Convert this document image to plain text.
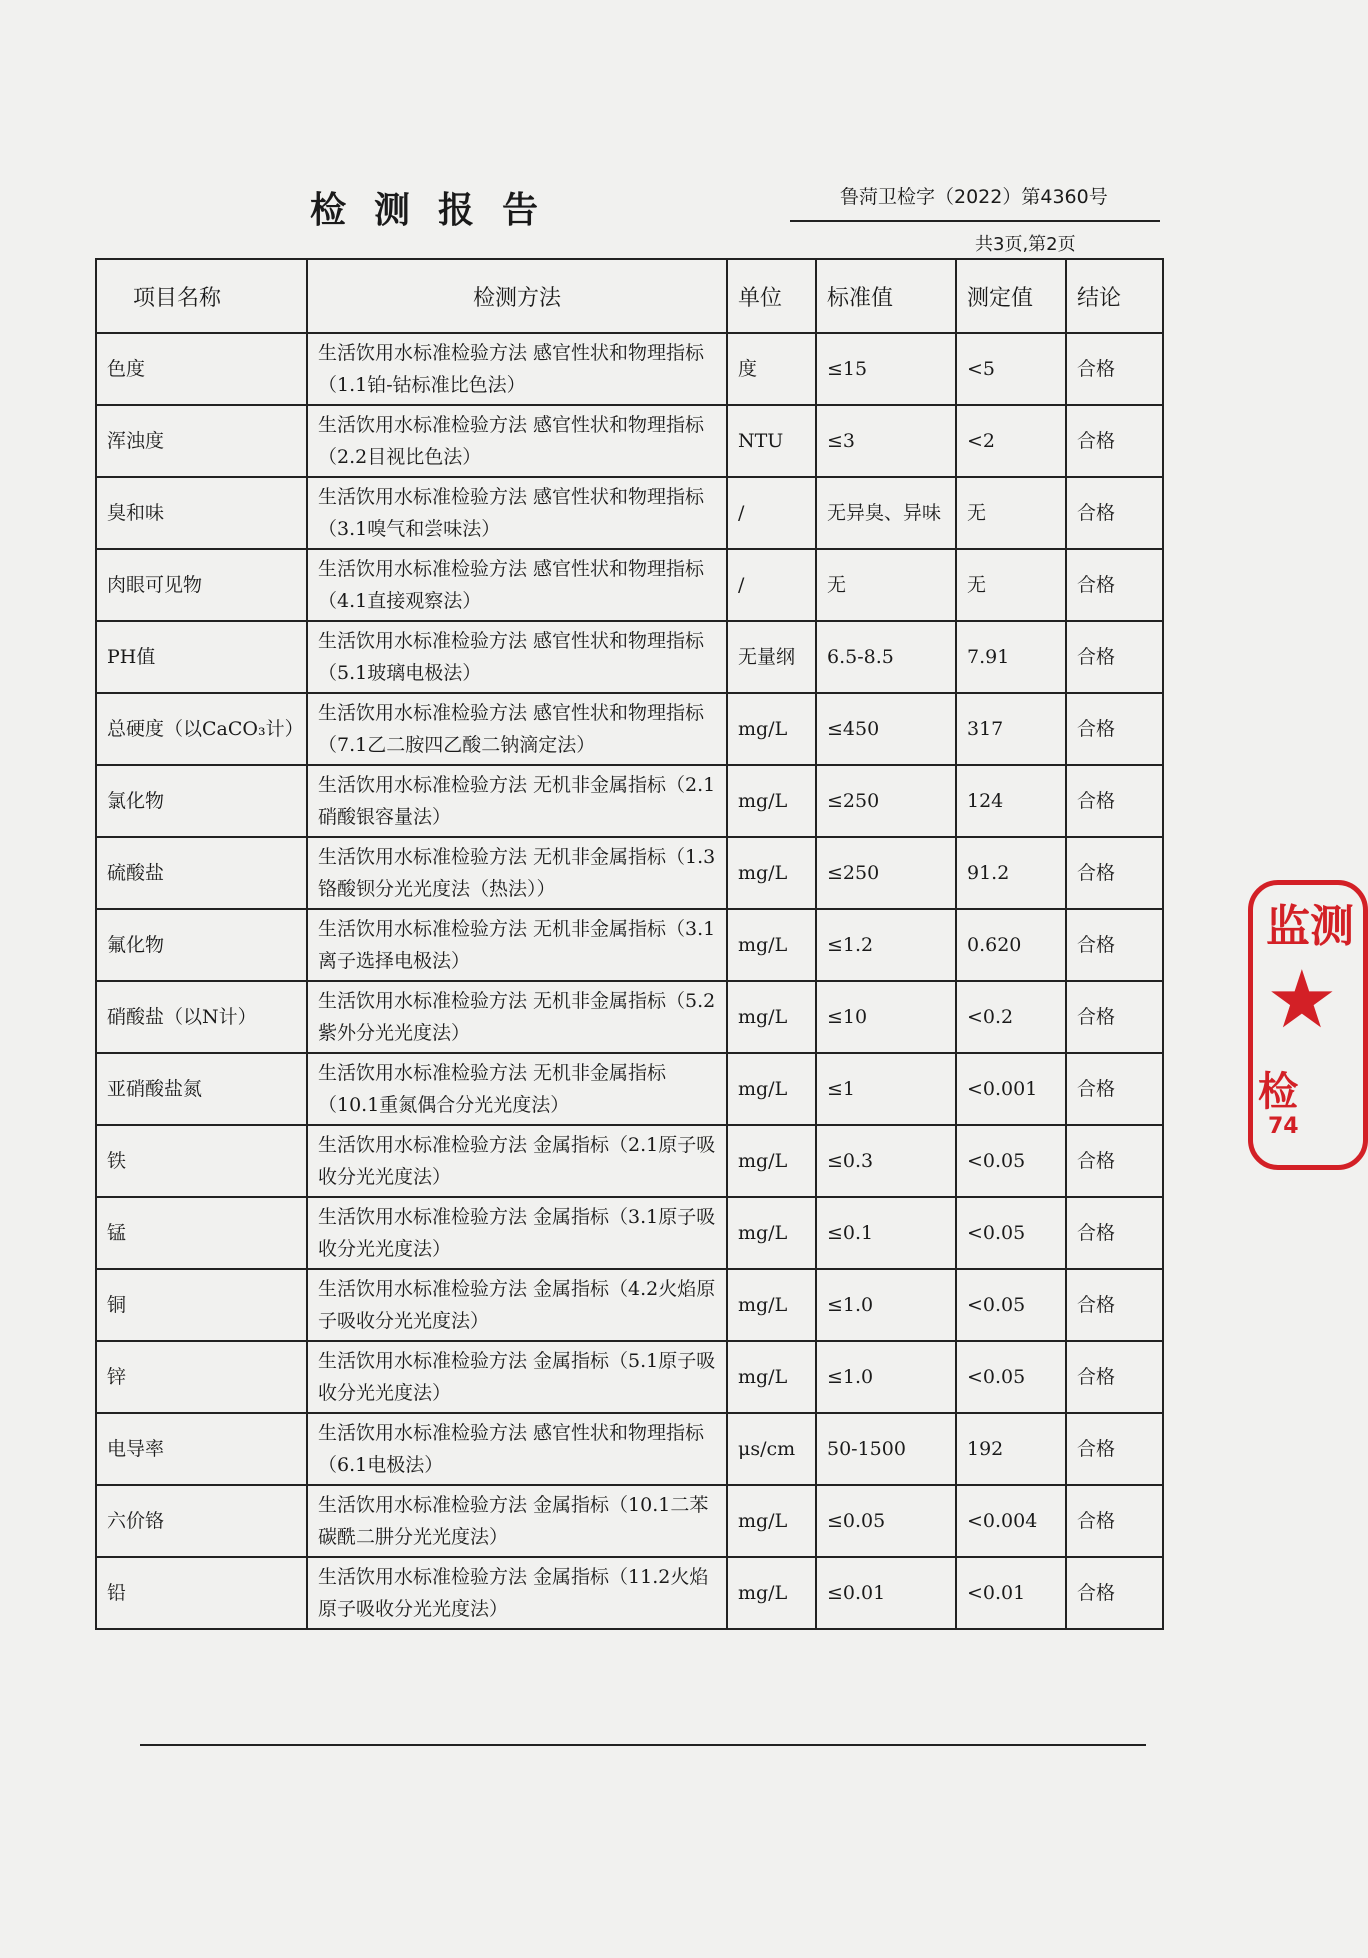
检测报告	鲁菏卫检字（2022）第4360号
共3页,第2页
项目名称	检测方法	单位	标准值	测定值	结论
色度	生活饮用水标准检验方法 感官性状和物理指标（1.1铂-钴标准比色法）	度	≤15	<5	合格
浑浊度	生活饮用水标准检验方法 感官性状和物理指标（2.2目视比色法）	NTU	≤3	<2	合格
臭和味	生活饮用水标准检验方法 感官性状和物理指标（3.1嗅气和尝味法）	/	无异臭、异味	无	合格
肉眼可见物	生活饮用水标准检验方法 感官性状和物理指标（4.1直接观察法）	/	无	无	合格
PH值	生活饮用水标准检验方法 感官性状和物理指标（5.1玻璃电极法）	无量纲	6.5-8.5	7.91	合格
总硬度（以CaCO₃计）	生活饮用水标准检验方法 感官性状和物理指标（7.1乙二胺四乙酸二钠滴定法）	mg/L	≤450	317	合格
氯化物	生活饮用水标准检验方法 无机非金属指标（2.1硝酸银容量法）	mg/L	≤250	124	合格
硫酸盐	生活饮用水标准检验方法 无机非金属指标（1.3铬酸钡分光光度法（热法））	mg/L	≤250	91.2	合格
氟化物	生活饮用水标准检验方法 无机非金属指标（3.1离子选择电极法）	mg/L	≤1.2	0.620	合格
硝酸盐（以N计）	生活饮用水标准检验方法 无机非金属指标（5.2紫外分光光度法）	mg/L	≤10	<0.2	合格
亚硝酸盐氮	生活饮用水标准检验方法 无机非金属指标（10.1重氮偶合分光光度法）	mg/L	≤1	<0.001	合格
铁	生活饮用水标准检验方法 金属指标（2.1原子吸收分光光度法）	mg/L	≤0.3	<0.05	合格
锰	生活饮用水标准检验方法 金属指标（3.1原子吸收分光光度法）	mg/L	≤0.1	<0.05	合格
铜	生活饮用水标准检验方法 金属指标（4.2火焰原子吸收分光光度法）	mg/L	≤1.0	<0.05	合格
锌	生活饮用水标准检验方法 金属指标（5.1原子吸收分光光度法）	mg/L	≤1.0	<0.05	合格
电导率	生活饮用水标准检验方法 感官性状和物理指标（6.1电极法）	μs/cm	50-1500	192	合格
六价铬	生活饮用水标准检验方法 金属指标（10.1二苯碳酰二肼分光光度法）	mg/L	≤0.05	<0.004	合格
铅	生活饮用水标准检验方法 金属指标（11.2火焰原子吸收分光光度法）	mg/L	≤0.01	<0.01	合格
监测
★
检
74
